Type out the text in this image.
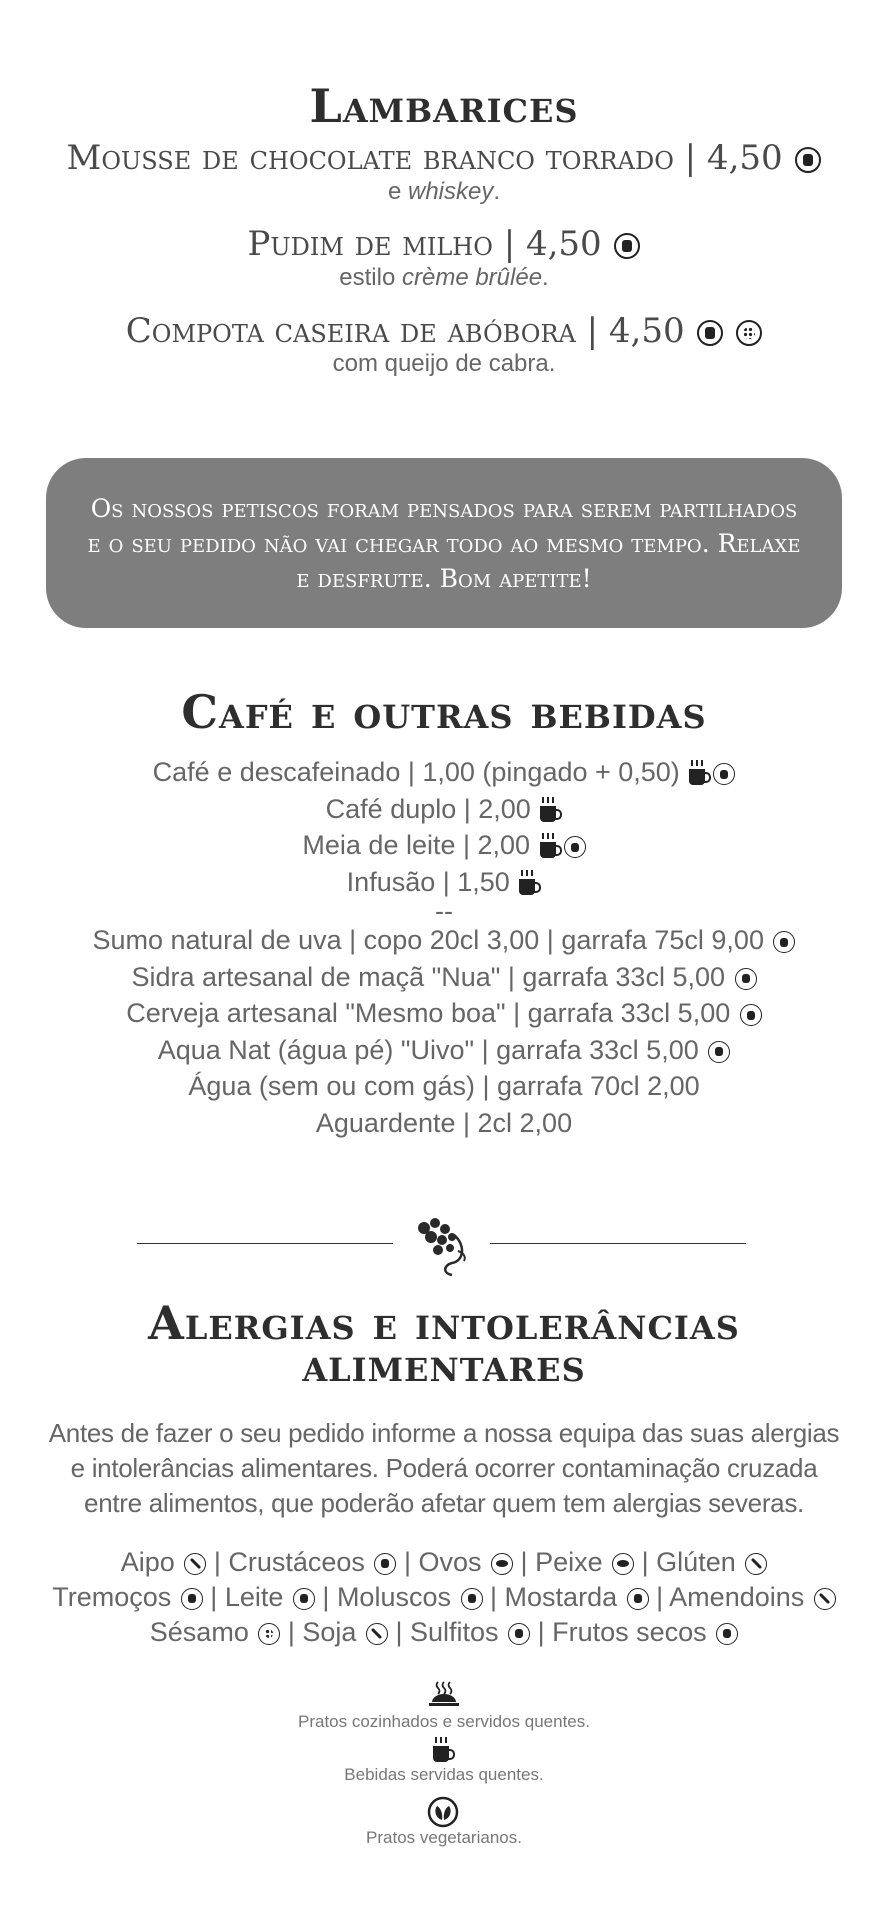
Lambarices
Mousse de chocolate branco torrado | 4,50
e whiskey.
Pudim de milho | 4,50
estilo crème brûlée.
Compota caseira de abóbora | 4,50
com queijo de cabra.
Os nossos petiscos foram pensados para serem partilhados e o seu pedido não vai chegar todo ao mesmo tempo. Relaxe e desfrute. Bom apetite!
Café e outras bebidas
Café e descafeinado | 1,00 (pingado + 0,50)
Café duplo | 2,00
Meia de leite | 2,00
Infusão | 1,50
--
Sumo natural de uva | copo 20cl 3,00 | garrafa 75cl 9,00
Sidra artesanal de maçã "Nua" | garrafa 33cl 5,00
Cerveja artesanal "Mesmo boa" | garrafa 33cl 5,00
Aqua Nat (água pé) "Uivo" | garrafa 33cl 5,00
Água (sem ou com gás) | garrafa 70cl 2,00
Aguardente | 2cl 2,00
Alergias e intolerâncias
alimentares
Antes de fazer o seu pedido informe a nossa equipa das suas alergias
e intolerâncias alimentares. Poderá ocorrer contaminação cruzada
entre alimentos, que poderão afetar quem tem alergias severas.
Aipo | Crustáceos | Ovos | Peixe | Glúten
Tremoços | Leite | Moluscos | Mostarda | Amendoins
Sésamo | Soja | Sulfitos | Frutos secos
Pratos cozinhados e servidos quentes.
Bebidas servidas quentes.
Pratos vegetarianos.
